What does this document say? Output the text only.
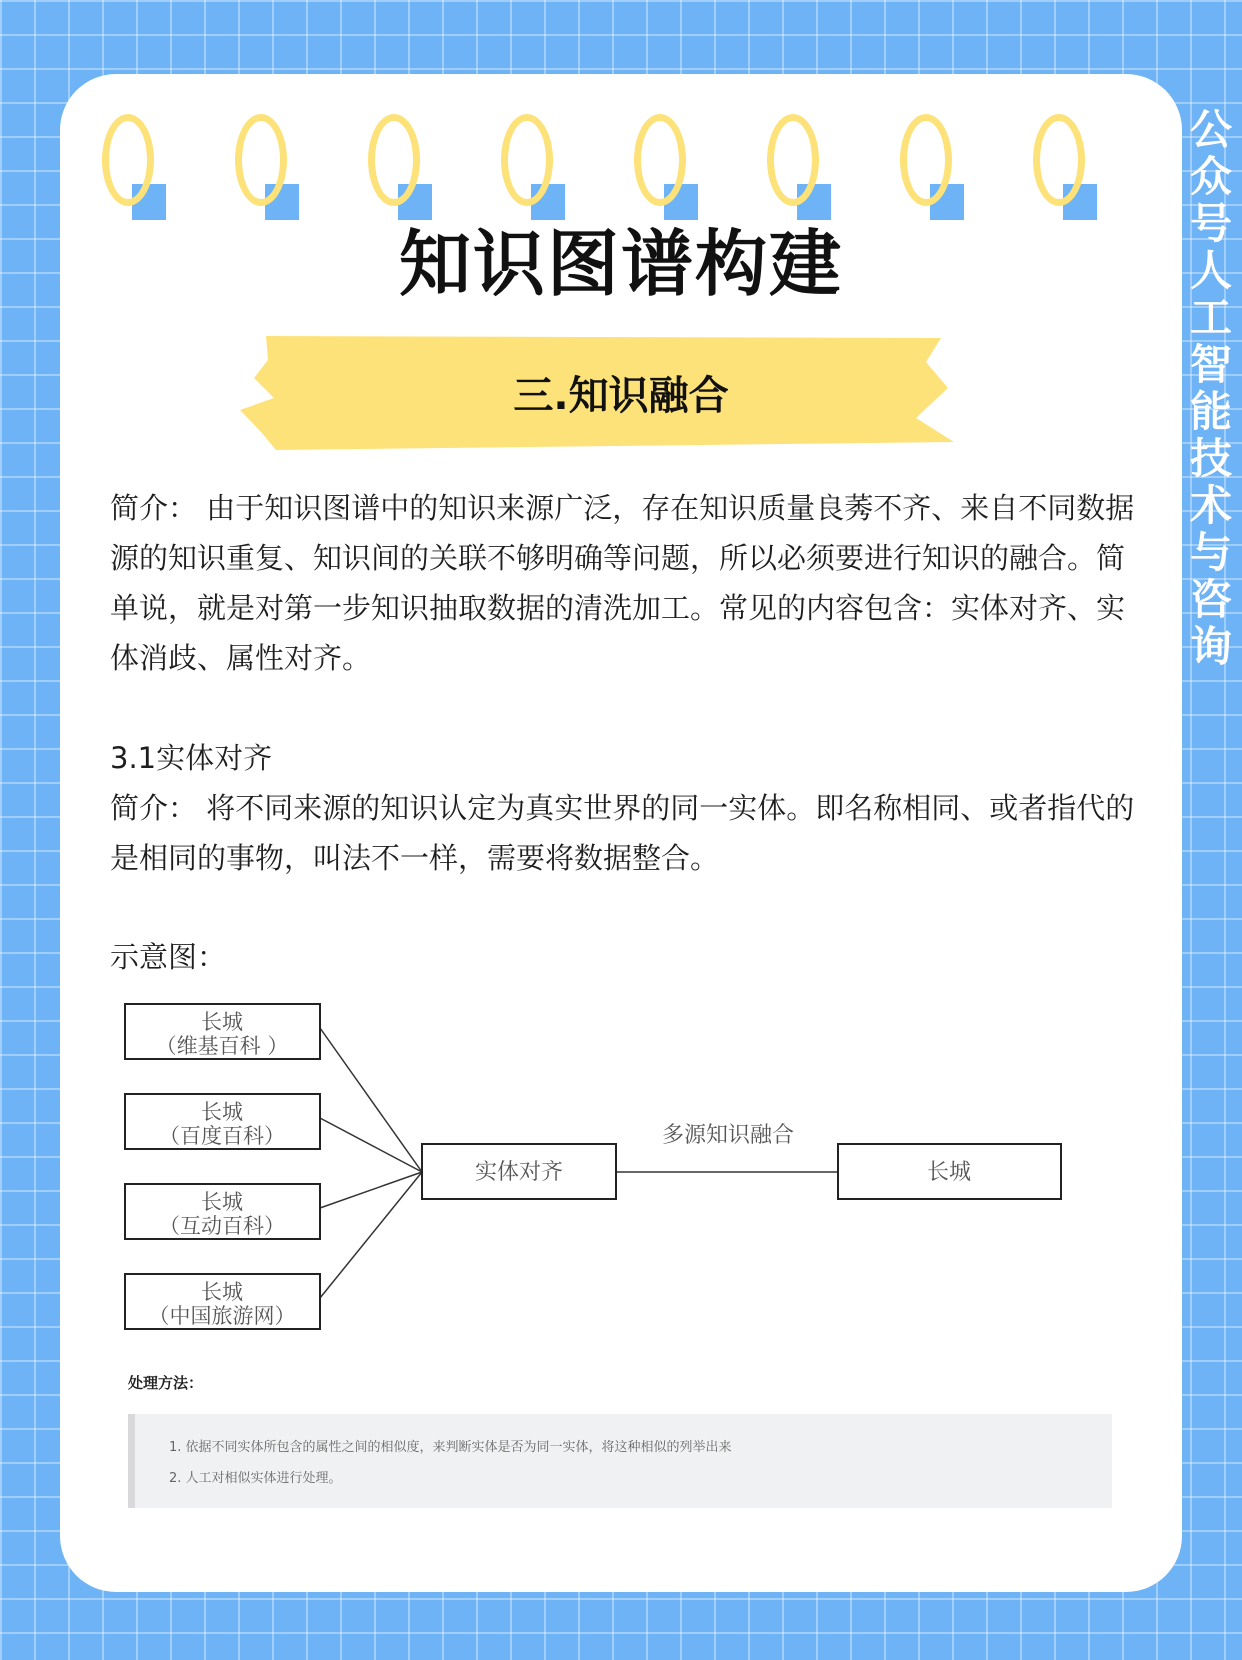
公众号 人工智能技术与咨询
知识图谱构建
三.知识融合
简介： 由于知识图谱中的知识来源广泛，存在知识质量良莠不齐、来自不同数据源的知识重复、知识间的关联不够明确等问题，所以必须要进行知识的融合。简单说，就是对第一步知识抽取数据的清洗加工。常见的内容包含：实体对齐、实体消歧、属性对齐。
3.1实体对齐
简介： 将不同来源的知识认定为真实世界的同一实体。即名称相同、或者指代的是相同的事物，叫法不一样，需要将数据整合。
示意图：
长城
（维基百科 ）
长城
（百度百科）
长城
（互动百科）
长城
（中国旅游网）
实体对齐
多源知识融合
长城
处理方法：
1. 依据不同实体所包含的属性之间的相似度，来判断实体是否为同一实体，将这种相似的列举出来
2. 人工对相似实体进行处理。
